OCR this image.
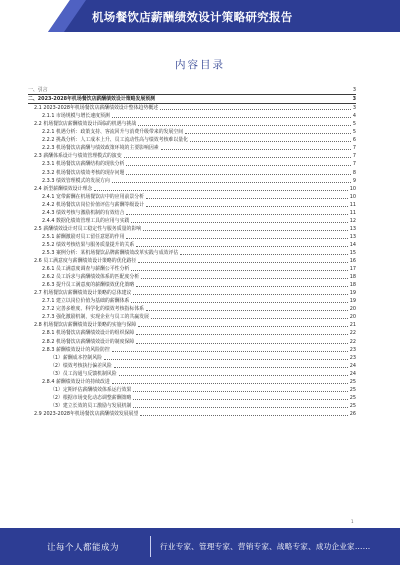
机场餐饮店薪酬绩效设计策略研究报告
内容目录
一、引言	3
二、2023-2028年机场餐饮店薪酬绩效设计策略发展预测	3
2.1 2023-2028年机场餐饮店薪酬绩效设计整体趋势概述	3
2.1.1 市场规模与增长速度预测	4
2.2 机场餐饮店薪酬绩效设计面临的机遇与挑战	5
2.2.1 机遇分析：政策支持、客流回升与消费升级带来的发展空间	5
2.2.2 挑战分析：人工成本上升、员工流动性高与绩效考核难以量化	6
2.2.3 机场餐饮店薪酬与绩效政策环境的主要影响因素	7
2.3 薪酬体系设计与绩效管理模式的演变	7
2.3.1 机场餐饮店薪酬结构的现状分析	7
2.3.2 机场餐饮店绩效考核的现存问题	8
2.3.3 绩效管理模式的发展方向	9
2.4 新型薪酬绩效设计理念	10
2.4.1 宽带薪酬在机场餐饮店中的应用前景分析	10
2.4.2 机场餐饮店岗位价值评估与薪酬等级设计	11
2.4.3 绩效考核与激励机制的有效结合	11
2.4.4 数据化绩效管理工具的应用与实践	12
2.5 薪酬绩效设计对员工稳定性与服务质量的影响	13
2.5.1 薪酬激励对员工留任意愿的作用	13
2.5.2 绩效考核结果与服务质量提升的关系	14
2.5.3 案例分析：某机场餐饮品牌薪酬绩效改革实践与成效评估	15
2.6 员工满意度与薪酬绩效设计策略的优化路径	16
2.6.1 员工满意度调查与薪酬公平性分析	17
2.6.2 员工诉求与薪酬绩效体系的匹配度分析	18
2.6.3 提升员工满意度的薪酬绩效优化策略	18
2.7 机场餐饮店薪酬绩效设计策略的总体建议	19
2.7.1 建立以岗位价值为基础的薪酬体系	19
2.7.2 完善多维度、科学化的绩效考核指标体系	20
2.7.3 强化激励机制，实现企业与员工的共赢发展	20
2.8 机场餐饮店薪酬绩效设计策略的实施与保障	21
2.8.1 机场餐饮店薪酬绩效设计的组织保障	22
2.8.2 机场餐饮店薪酬绩效设计的制度保障	22
2.8.3 薪酬绩效设计的风险防控	23
（1）薪酬成本控制风险	23
（2）绩效考核执行偏差风险	24
（3）员工沟通与反馈机制风险	24
2.8.4 薪酬绩效设计的持续改进	25
（1）定期评估薪酬绩效体系运行效果	25
（2）根据市场变化动态调整薪酬策略	25
（3）建立长效的员工激励与发展机制	25
2.9 2023-2028年机场餐饮店薪酬绩效发展展望	26
1
让每个人都能成为	行业专家、管理专家、营销专家、战略专家、成功企业家……
